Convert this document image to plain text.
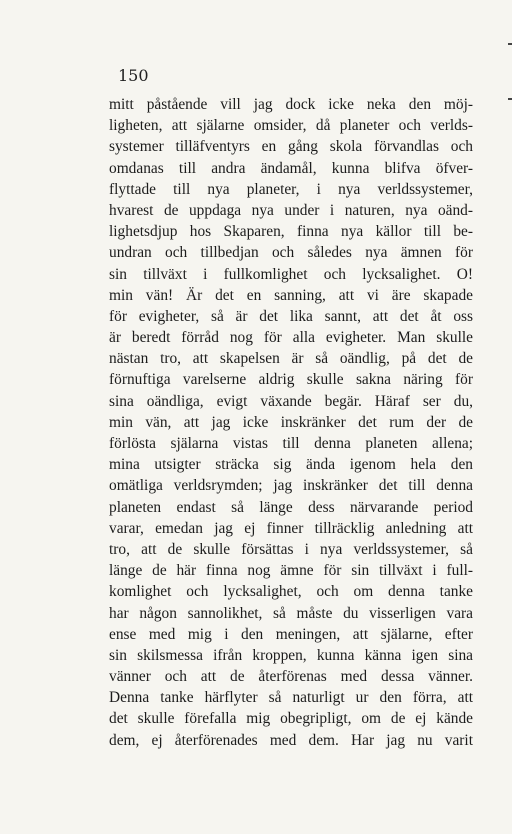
150
mitt påstående vill jag dock icke neka den möj-
ligheten, att själarne omsider, då planeter och verlds-
systemer tilläfventyrs en gång skola förvandlas och
omdanas till andra ändamål, kunna blifva öfver-
flyttade till nya planeter, i nya verldssystemer,
hvarest de uppdaga nya under i naturen, nya oänd-
lighetsdjup hos Skaparen, finna nya källor till be-
undran och tillbedjan och således nya ämnen för
sin tillväxt i fullkomlighet och lycksalighet. O!
min vän! Är det en sanning, att vi äre skapade
för evigheter, så är det lika sannt, att det åt oss
är beredt förråd nog för alla evigheter. Man skulle
nästan tro, att skapelsen är så oändlig, på det de
förnuftiga varelserne aldrig skulle sakna näring för
sina oändliga, evigt växande begär. Häraf ser du,
min vän, att jag icke inskränker det rum der de
förlösta själarna vistas till denna planeten allena;
mina utsigter sträcka sig ända igenom hela den
omätliga verldsrymden; jag inskränker det till denna
planeten endast så länge dess närvarande period
varar, emedan jag ej finner tillräcklig anledning att
tro, att de skulle försättas i nya verldssystemer, så
länge de här finna nog ämne för sin tillväxt i full-
komlighet och lycksalighet, och om denna tanke
har någon sannolikhet, så måste du visserligen vara
ense med mig i den meningen, att själarne, efter
sin skilsmessa ifrån kroppen, kunna känna igen sina
vänner och att de återförenas med dessa vänner.
Denna tanke härflyter så naturligt ur den förra, att
det skulle förefalla mig obegripligt, om de ej kände
dem, ej återförenades med dem. Har jag nu varit
